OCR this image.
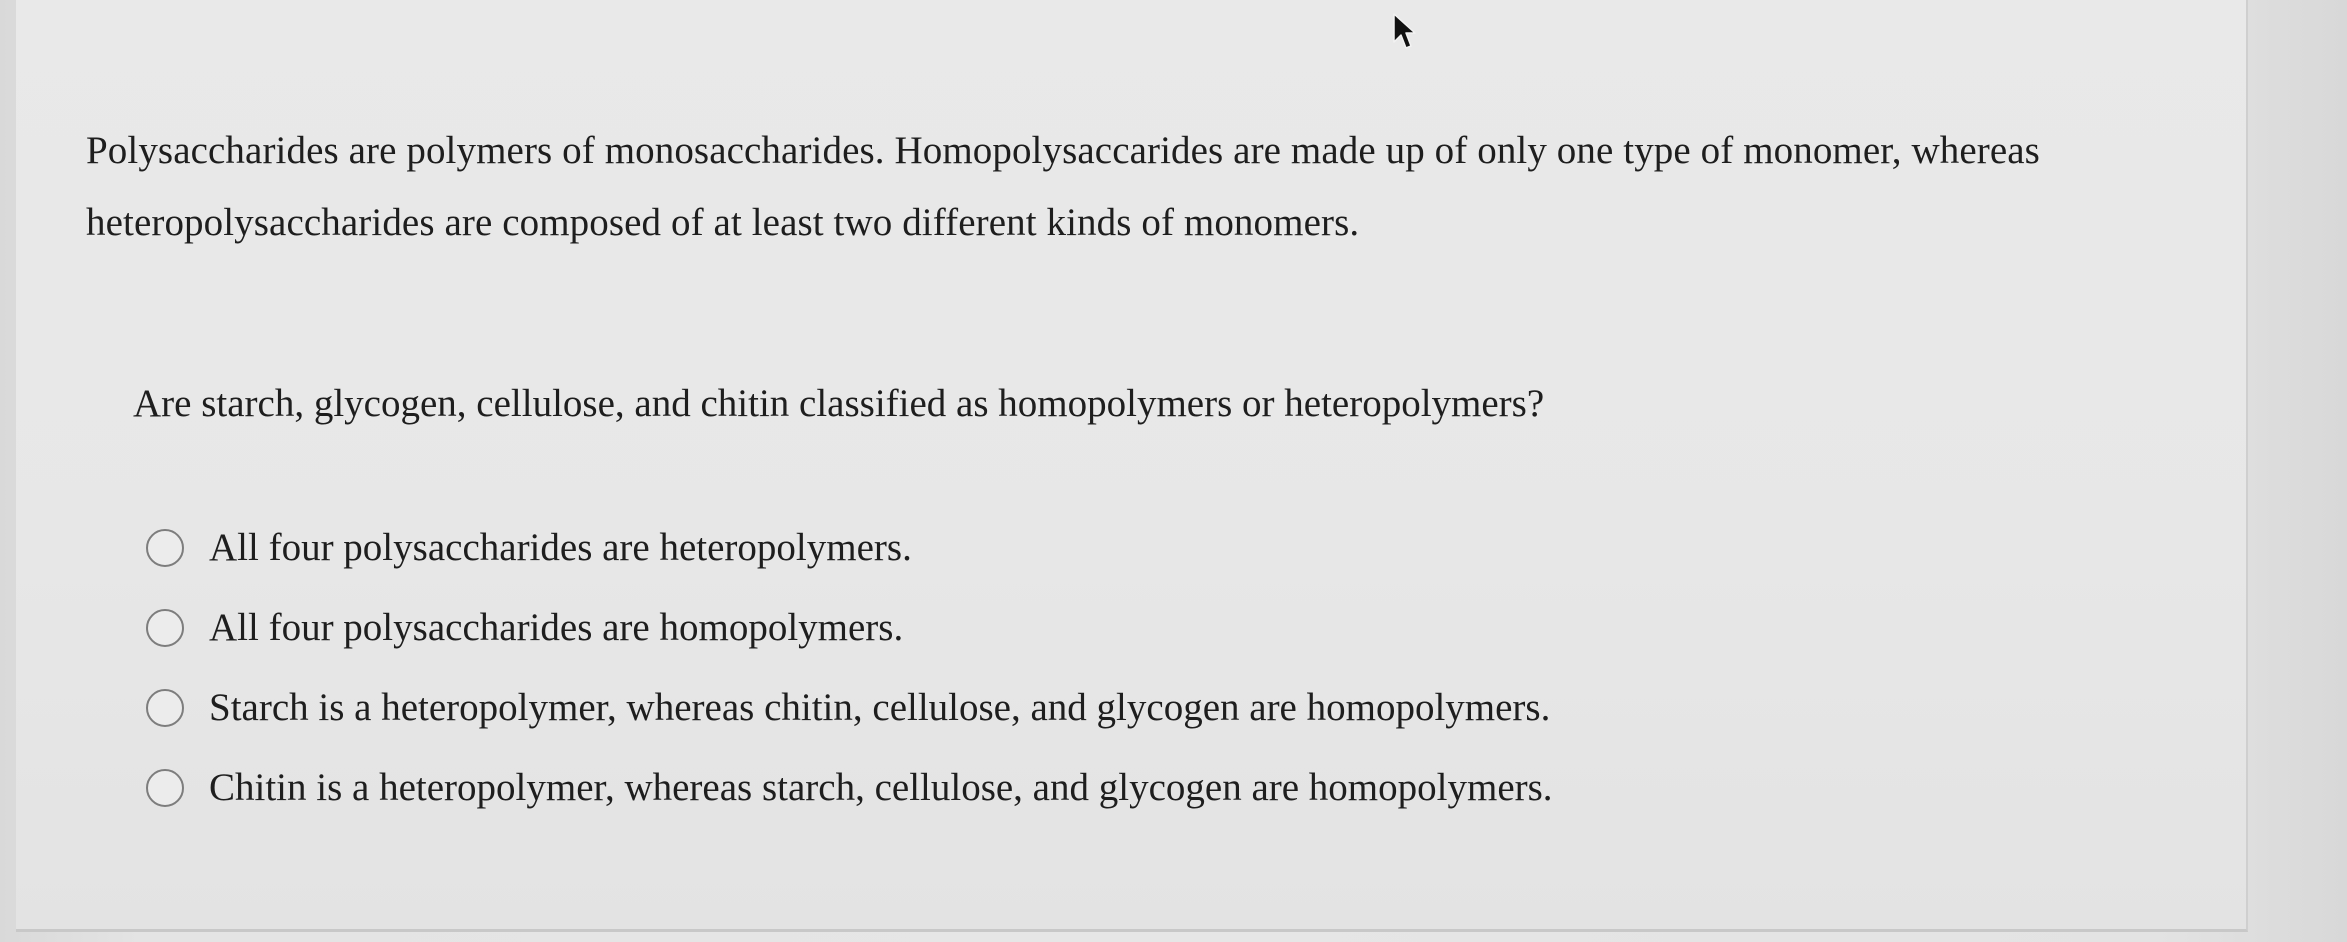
Polysaccharides are polymers of monosaccharides. Homopolysaccarides are made up of only one type of monomer, whereas heteropolysaccharides are composed of at least two different kinds of monomers.

Are starch, glycogen, cellulose, and chitin classified as homopolymers or heteropolymers?

All four polysaccharides are heteropolymers.
All four polysaccharides are homopolymers.
Starch is a heteropolymer, whereas chitin, cellulose, and glycogen are homopolymers.
Chitin is a heteropolymer, whereas starch, cellulose, and glycogen are homopolymers.
